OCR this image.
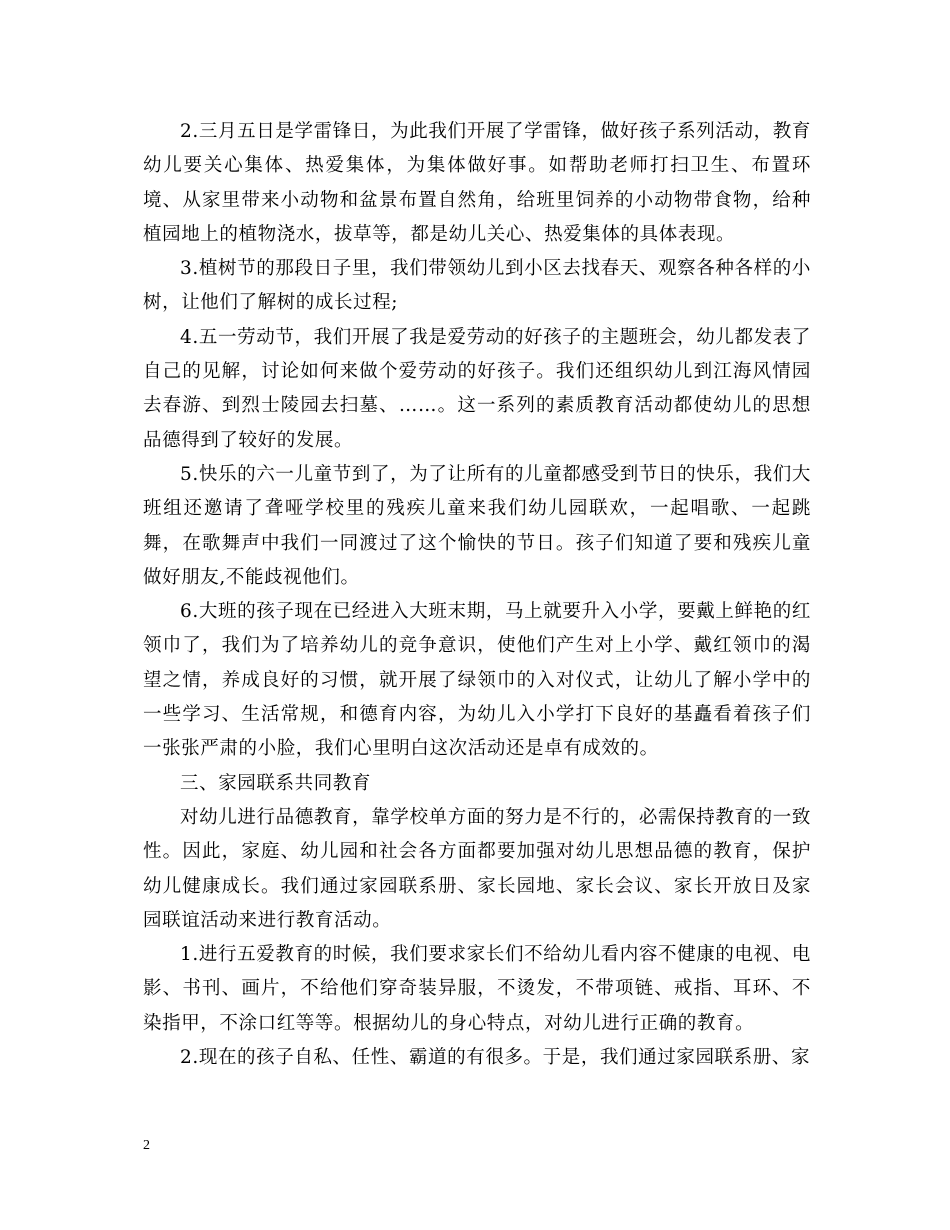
2.三月五日是学雷锋日，为此我们开展了学雷锋，做好孩子系列活动，教育幼儿要关心集体、热爱集体，为集体做好事。如帮助老师打扫卫生、布置环境、从家里带来小动物和盆景布置自然角，给班里饲养的小动物带食物，给种植园地上的植物浇水，拔草等，都是幼儿关心、热爱集体的具体表现。

3.植树节的那段日子里，我们带领幼儿到小区去找春天、观察各种各样的小树，让他们了解树的成长过程;

4.五一劳动节，我们开展了我是爱劳动的好孩子的主题班会，幼儿都发表了自己的见解，讨论如何来做个爱劳动的好孩子。我们还组织幼儿到江海风情园去春游、到烈士陵园去扫墓、……。这一系列的素质教育活动都使幼儿的思想品德得到了较好的发展。

5.快乐的六一儿童节到了，为了让所有的儿童都感受到节日的快乐，我们大班组还邀请了聋哑学校里的残疾儿童来我们幼儿园联欢，一起唱歌、一起跳舞，在歌舞声中我们一同渡过了这个愉快的节日。孩子们知道了要和残疾儿童做好朋友,不能歧视他们。

6.大班的孩子现在已经进入大班末期，马上就要升入小学，要戴上鲜艳的红领巾了，我们为了培养幼儿的竞争意识，使他们产生对上小学、戴红领巾的渴望之情，养成良好的习惯，就开展了绿领巾的入对仪式，让幼儿了解小学中的一些学习、生活常规，和德育内容，为幼儿入小学打下良好的基矗看着孩子们一张张严肃的小脸，我们心里明白这次活动还是卓有成效的。

三、家园联系共同教育

对幼儿进行品德教育，靠学校单方面的努力是不行的，必需保持教育的一致性。因此，家庭、幼儿园和社会各方面都要加强对幼儿思想品德的教育，保护幼儿健康成长。我们通过家园联系册、家长园地、家长会议、家长开放日及家园联谊活动来进行教育活动。

1.进行五爱教育的时候，我们要求家长们不给幼儿看内容不健康的电视、电影、书刊、画片，不给他们穿奇装异服，不烫发，不带项链、戒指、耳环、不染指甲，不涂口红等等。根据幼儿的身心特点，对幼儿进行正确的教育。

2.现在的孩子自私、任性、霸道的有很多。于是，我们通过家园联系册、家

2
